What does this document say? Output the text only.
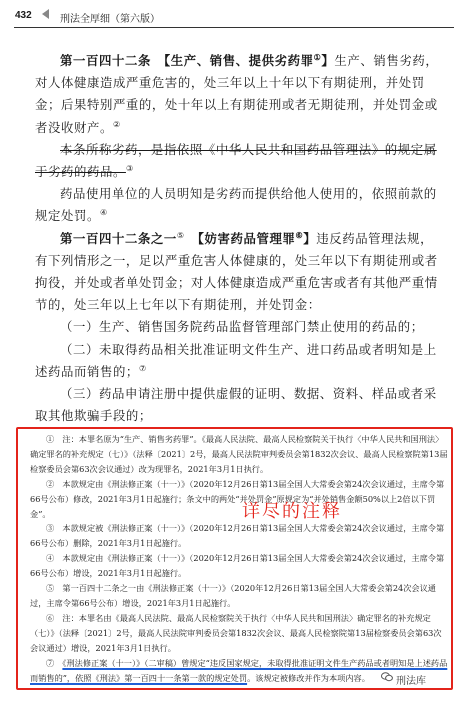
432	刑法全厚细（第六版）

第一百四十二条　 【生产、销售、提供劣药罪①】生产、销售劣药，对人体健康造成严重危害的，处三年以上十年以下有期徒刑，并处罚金；后果特别严重的，处十年以上有期徒刑或者无期徒刑，并处罚金或者没收财产。②

本条所称劣药，是指依照《中华人民共和国药品管理法》的规定属于劣药的药品。③

药品使用单位的人员明知是劣药而提供给他人使用的，依照前款的规定处罚。④

第一百四十二条之一⑤　 【妨害药品管理罪⑥】违反药品管理法规，有下列情形之一，足以严重危害人体健康的，处三年以下有期徒刑或者拘役，并处或者单处罚金；对人体健康造成严重危害或者有其他严重情节的，处三年以上七年以下有期徒刑，并处罚金：

（一）生产、销售国务院药品监督管理部门禁止使用的药品的；

（二）未取得药品相关批准证明文件生产、进口药品或者明知是上述药品而销售的；⑦

（三）药品申请注册中提供虚假的证明、数据、资料、样品或者采取其他欺骗手段的；

①　注：本罪名原为“生产、销售劣药罪”。《最高人民法院、最高人民检察院关于执行〈中华人民共和国刑法〉确定罪名的补充规定（七）》（法释〔2021〕2号，最高人民法院审判委员会第1832次会议、最高人民检察院第13届检察委员会第63次会议通过）改为现罪名，2021年3月1日执行。

②　本款规定由《刑法修正案（十一）》（2020年12月26日第13届全国人大常委会第24次会议通过，主席令第66号公布）修改，2021年3月1日起施行；条文中的两处“并处罚金”原规定为“并处销售金额50%以上2倍以下罚金”。

③　本款规定被《刑法修正案（十一）》（2020年12月26日第13届全国人大常委会第24次会议通过，主席令第66号公布）删除，2021年3月1日起施行。

④　本款规定由《刑法修正案（十一）》（2020年12月26日第13届全国人大常委会第24次会议通过，主席令第66号公布）增设，2021年3月1日起施行。

⑤　第一百四十二条之一由《刑法修正案（十一）》（2020年12月26日第13届全国人大常委会第24次会议通过，主席令第66号公布）增设，2021年3月1日起施行。

⑥　注：本罪名由《最高人民法院、最高人民检察院关于执行〈中华人民共和国刑法〉确定罪名的补充规定（七）》（法释〔2021〕2号，最高人民法院审判委员会第1832次会议、最高人民检察院第13届检察委员会第63次会议通过）增设，2021年3月1日执行。

⑦　《刑法修正案（十一）》（二审稿）曾规定“违反国家规定，未取得批准证明文件生产药品或者明知是上述药品而销售的”，依照《刑法》第一百四十一条第一款的规定处罚。该规定被修改并作为本项内容。

详尽的注释
刑法库
